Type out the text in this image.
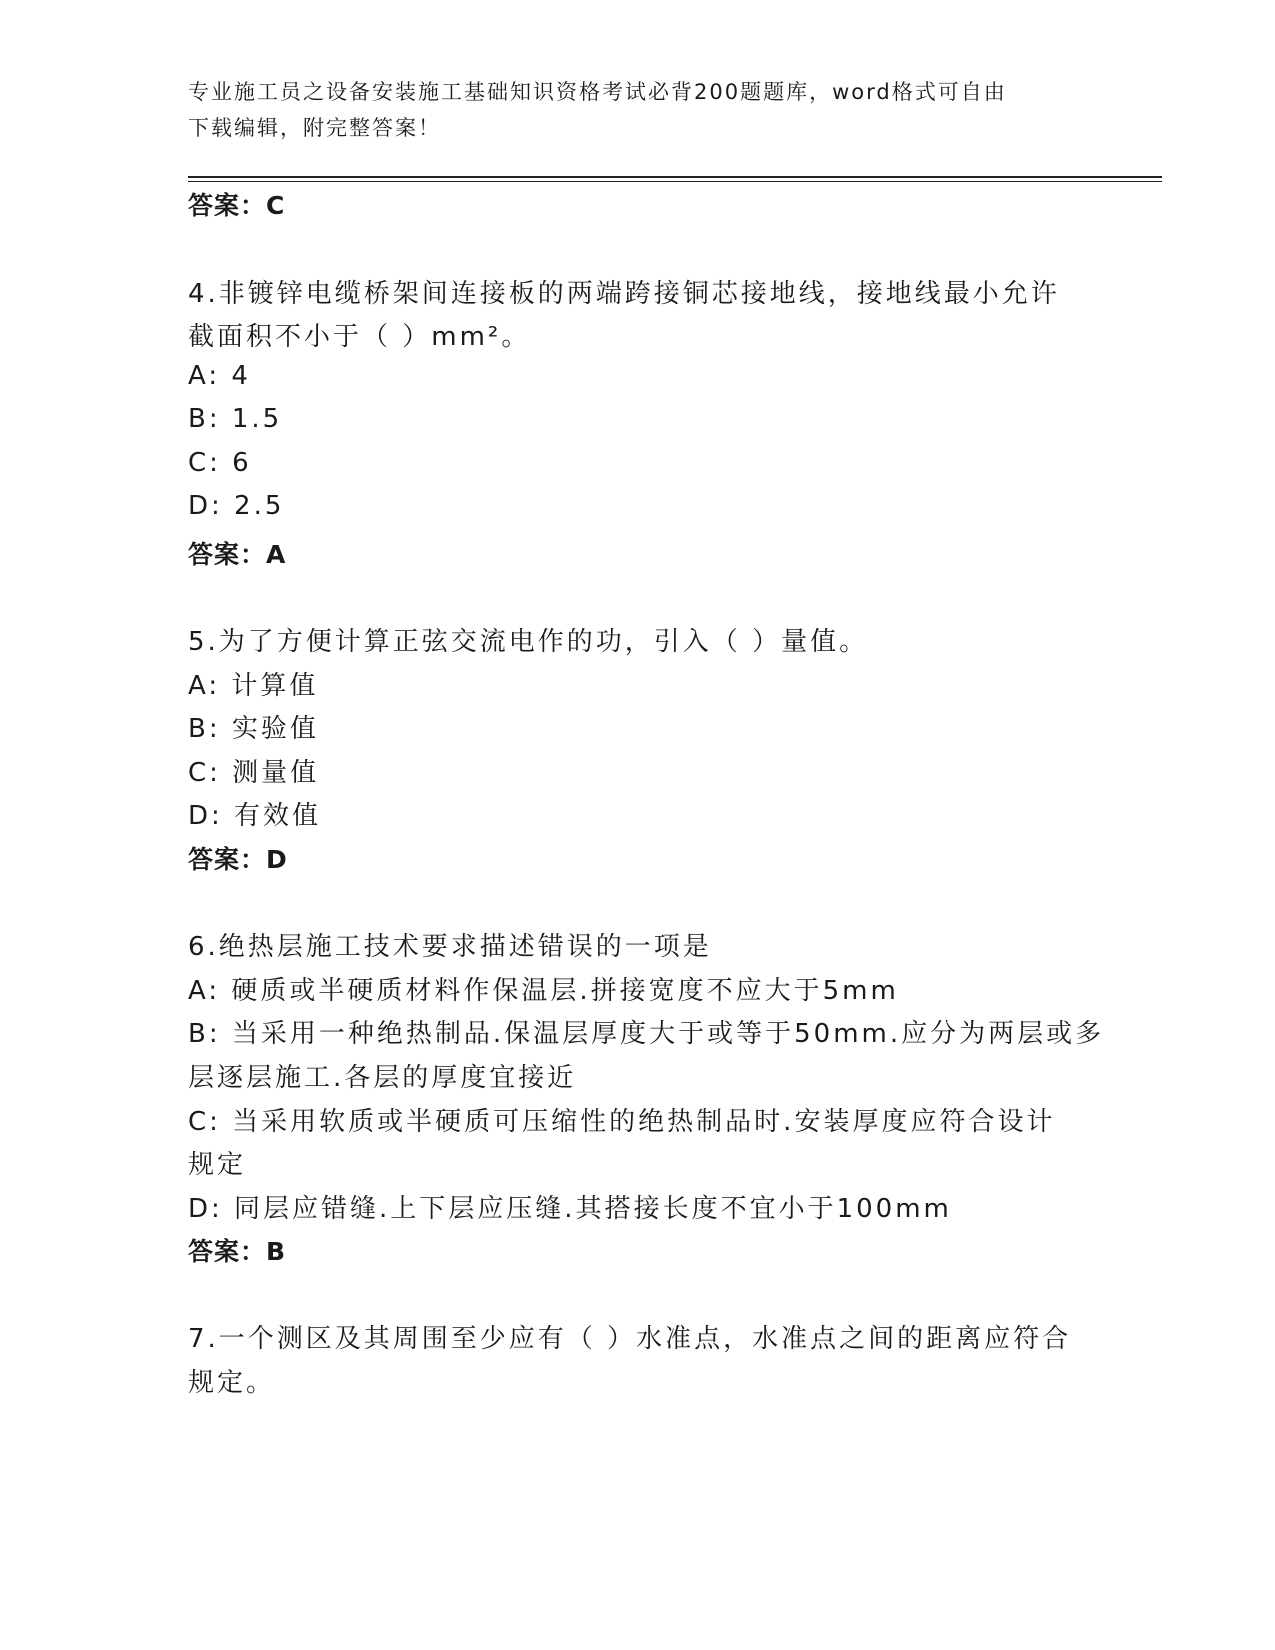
专业施工员之设备安装施工基础知识资格考试必背200题题库，word格式可自由
下载编辑，附完整答案！
答案：C
4.非镀锌电缆桥架间连接板的两端跨接铜芯接地线，接地线最小允许
截面积不小于（ ）mm²。
A: 4
B: 1.5
C: 6
D: 2.5
答案：A
5.为了方便计算正弦交流电作的功，引入（ ）量值。
A: 计算值
B: 实验值
C: 测量值
D: 有效值
答案：D
6.绝热层施工技术要求描述错误的一项是
A: 硬质或半硬质材料作保温层.拼接宽度不应大于5mm
B: 当采用一种绝热制品.保温层厚度大于或等于50mm.应分为两层或多
层逐层施工.各层的厚度宜接近
C: 当采用软质或半硬质可压缩性的绝热制品时.安装厚度应符合设计
规定
D: 同层应错缝.上下层应压缝.其搭接长度不宜小于100mm
答案：B
7.一个测区及其周围至少应有（ ）水准点，水准点之间的距离应符合
规定。
